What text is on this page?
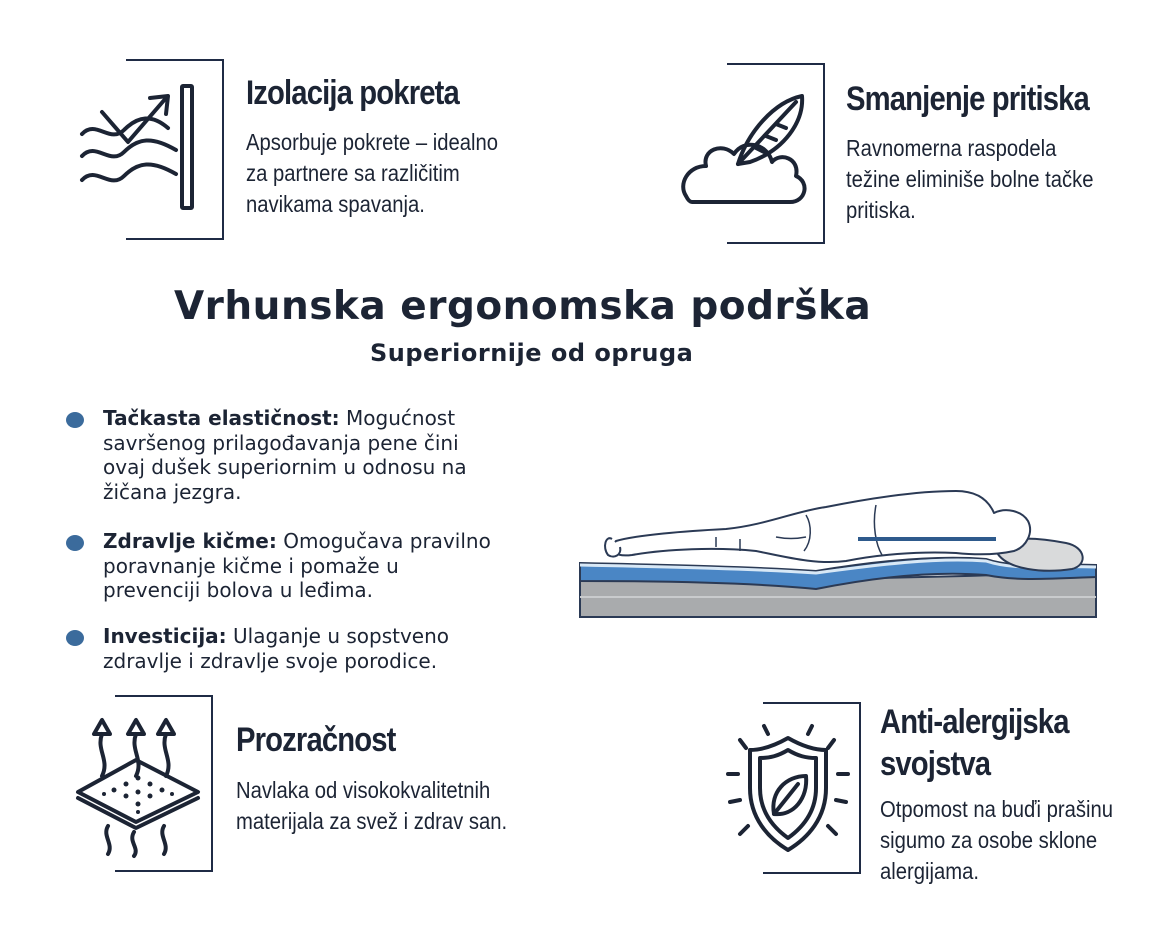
Izolacija pokreta
Apsorbuje pokrete – idealno
za partnere sa različitim
navikama spavanja.
Smanjenje pritiska
Ravnomerna raspodela
težine eliminiše bolne tačke
pritiska.
Vrhunska ergonomska podrška
Superiornije od opruga
Tačkasta elastičnost: Mogućnost
savršenog prilagođavanja pene čini
ovaj dušek superiornim u odnosu na
žičana jezgra.
Zdravlje kičme: Omogučava pravilno
poravnanje kičme i pomaže u
prevenciji bolova u leđima.
Investicija: Ulaganje u sopstveno
zdravlje i zdravlje svoje porodice.
Prozračnost
Navlaka od visokokvalitetnih
materijala za svež i zdrav san.
Anti-alergijska
svojstva
Otpomost na buďi prašinu
sigumo za osobe sklone
alergijama.
